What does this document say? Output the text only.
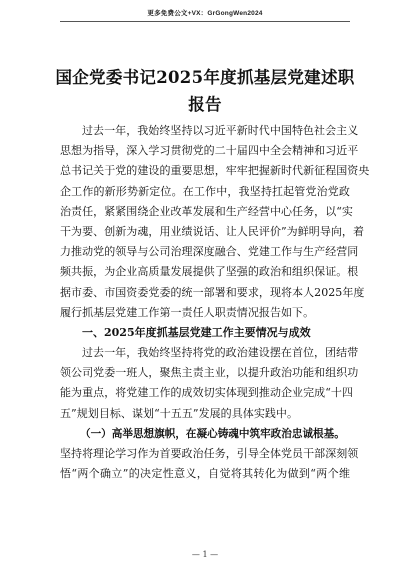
更多免费公文+VX：GrGongWen2024
国企党委书记2025年度抓基层党建述职
报告
过去一年，我始终坚持以习近平新时代中国特色社会主义
思想为指导，深入学习贯彻党的二十届四中全会精神和习近平
总书记关于党的建设的重要思想，牢牢把握新时代新征程国资央
企工作的新形势新定位。在工作中，我坚持扛起管党治党政
治责任，紧紧围绕企业改革发展和生产经营中心任务，以“实
干为要、创新为魂，用业绩说话、让人民评价”为鲜明导向，着
力推动党的领导与公司治理深度融合、党建工作与生产经营同
频共振，为企业高质量发展提供了坚强的政治和组织保证。根
据市委、市国资委党委的统一部署和要求，现将本人2025年度
履行抓基层党建工作第一责任人职责情况报告如下。
一、2025年度抓基层党建工作主要情况与成效
过去一年，我始终坚持将党的政治建设摆在首位，团结带
领公司党委一班人，聚焦主责主业，以提升政治功能和组织功
能为重点，将党建工作的成效切实体现到推动企业完成“十四
五”规划目标、谋划“十五五”发展的具体实践中。
（一）高举思想旗帜，在凝心铸魂中筑牢政治忠诚根基。
坚持将理论学习作为首要政治任务，引导全体党员干部深刻领
悟“两个确立”的决定性意义，自觉将其转化为做到“两个维
— 1 —
